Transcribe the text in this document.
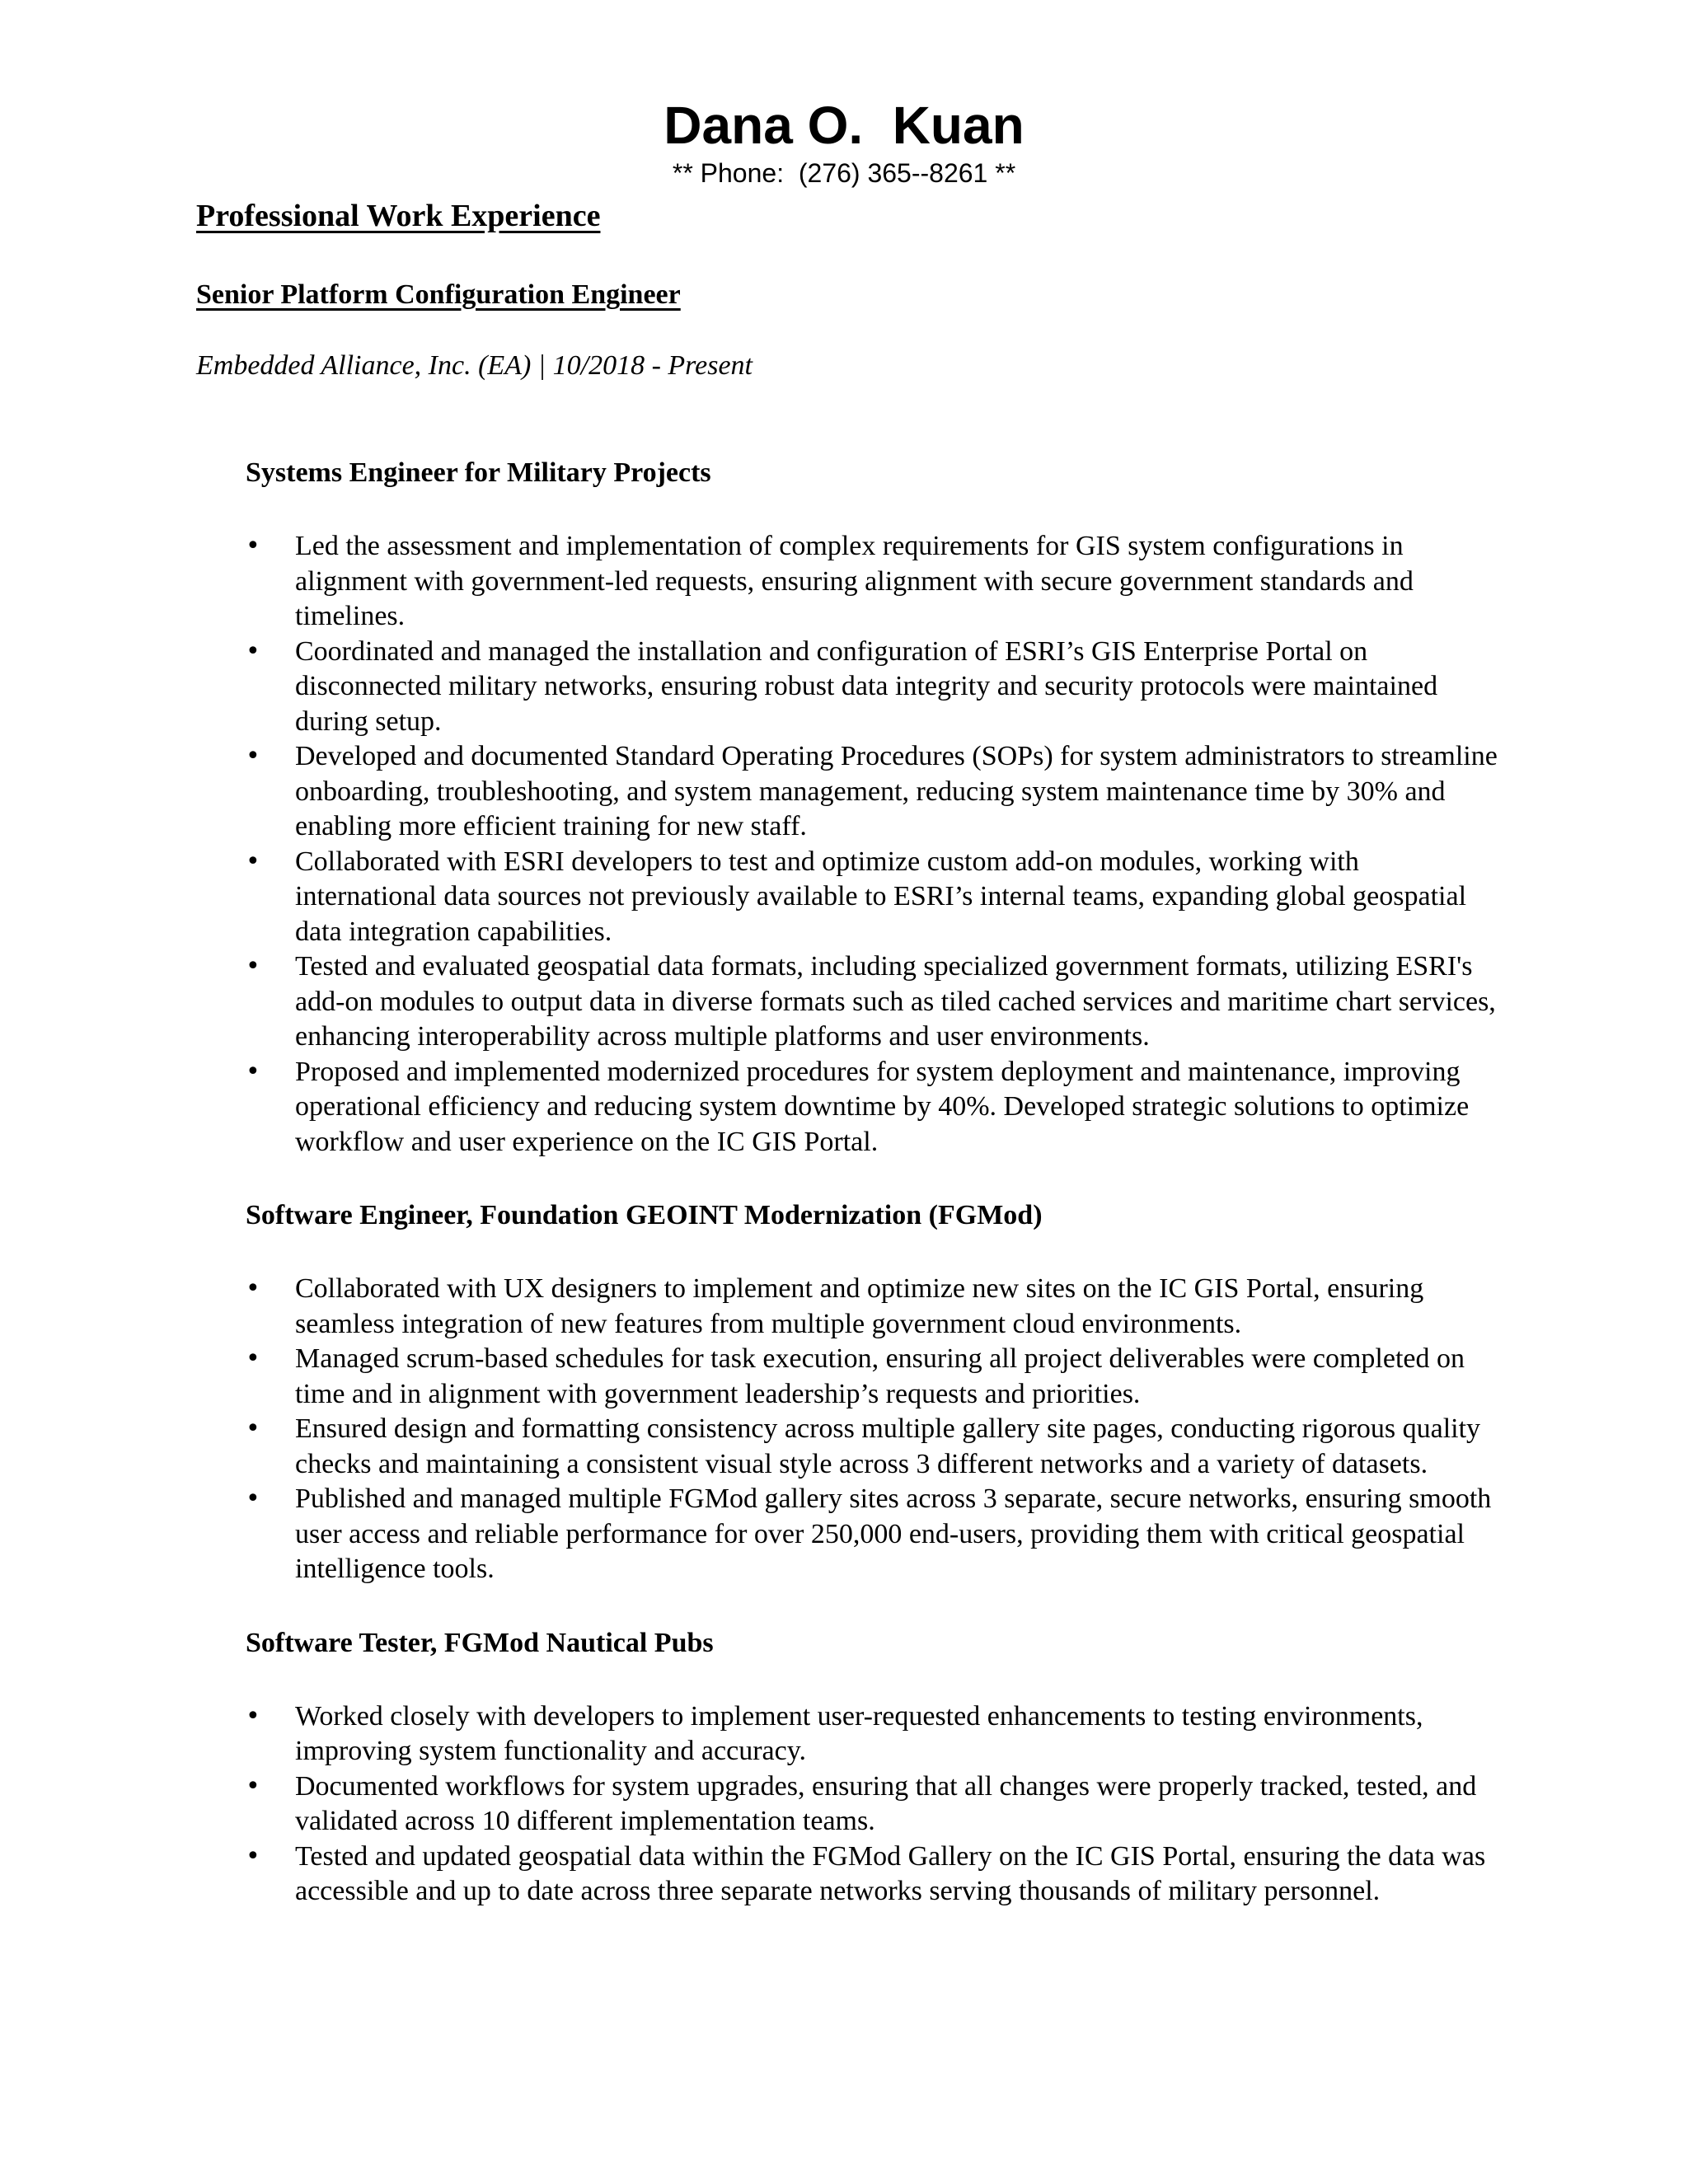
Dana O.  Kuan
** Phone:  (276) 365--8261 **
Professional Work Experience
Senior Platform Configuration Engineer
Embedded Alliance, Inc. (EA) | 10/2018 - Present
Systems Engineer for Military Projects
• Led the assessment and implementation of complex requirements for GIS system configurations in alignment with government-led requests, ensuring alignment with secure government standards and timelines.
• Coordinated and managed the installation and configuration of ESRI’s GIS Enterprise Portal on disconnected military networks, ensuring robust data integrity and security protocols were maintained during setup.
• Developed and documented Standard Operating Procedures (SOPs) for system administrators to streamline onboarding, troubleshooting, and system management, reducing system maintenance time by 30% and enabling more efficient training for new staff.
• Collaborated with ESRI developers to test and optimize custom add-on modules, working with international data sources not previously available to ESRI’s internal teams, expanding global geospatial data integration capabilities.
• Tested and evaluated geospatial data formats, including specialized government formats, utilizing ESRI's add-on modules to output data in diverse formats such as tiled cached services and maritime chart services, enhancing interoperability across multiple platforms and user environments.
• Proposed and implemented modernized procedures for system deployment and maintenance, improving operational efficiency and reducing system downtime by 40%. Developed strategic solutions to optimize workflow and user experience on the IC GIS Portal.
Software Engineer, Foundation GEOINT Modernization (FGMod)
• Collaborated with UX designers to implement and optimize new sites on the IC GIS Portal, ensuring seamless integration of new features from multiple government cloud environments.
• Managed scrum-based schedules for task execution, ensuring all project deliverables were completed on time and in alignment with government leadership’s requests and priorities.
• Ensured design and formatting consistency across multiple gallery site pages, conducting rigorous quality checks and maintaining a consistent visual style across 3 different networks and a variety of datasets.
• Published and managed multiple FGMod gallery sites across 3 separate, secure networks, ensuring smooth user access and reliable performance for over 250,000 end-users, providing them with critical geospatial intelligence tools.
Software Tester, FGMod Nautical Pubs
• Worked closely with developers to implement user-requested enhancements to testing environments, improving system functionality and accuracy.
• Documented workflows for system upgrades, ensuring that all changes were properly tracked, tested, and validated across 10 different implementation teams.
• Tested and updated geospatial data within the FGMod Gallery on the IC GIS Portal, ensuring the data was accessible and up to date across three separate networks serving thousands of military personnel.
